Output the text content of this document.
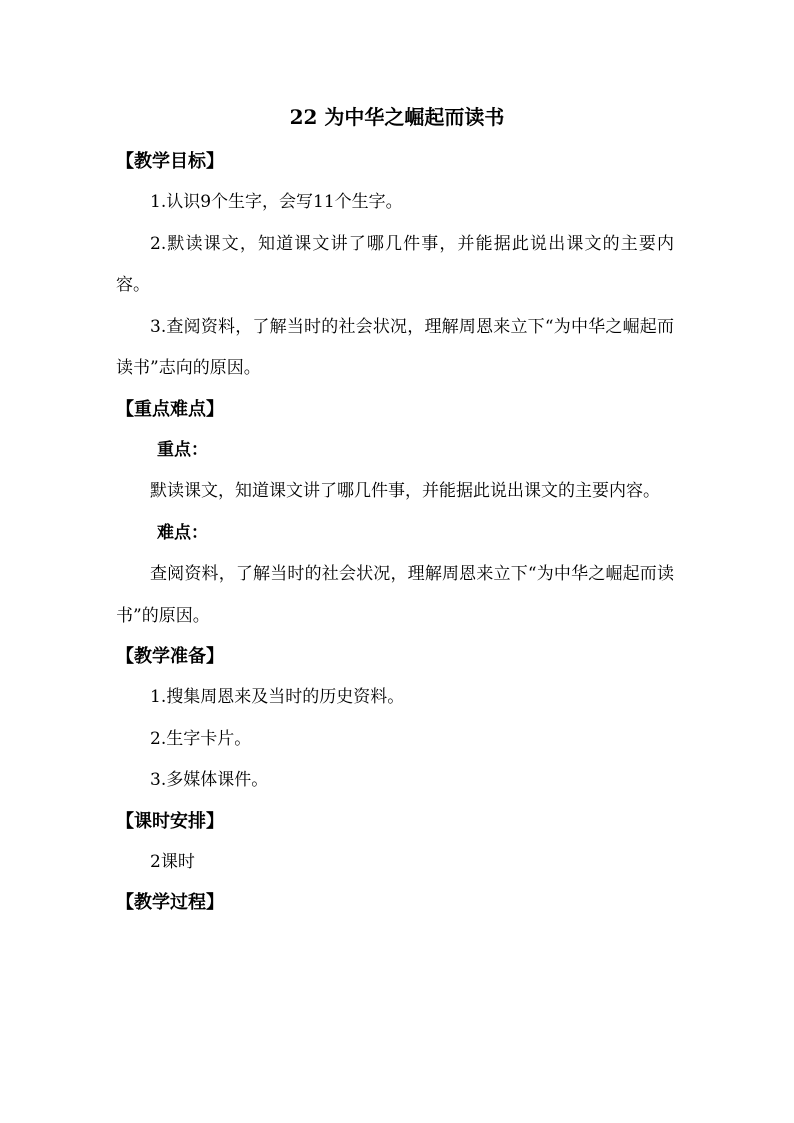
22 为中华之崛起而读书

【教学目标】

1.认识9个生字，会写11个生字。

2.默读课文，知道课文讲了哪几件事，并能据此说出课文的主要内容。

3.查阅资料，了解当时的社会状况，理解周恩来立下“为中华之崛起而读书”志向的原因。

【重点难点】

重点：

默读课文，知道课文讲了哪几件事，并能据此说出课文的主要内容。

难点：

查阅资料，了解当时的社会状况，理解周恩来立下“为中华之崛起而读书”的原因。

【教学准备】

1.搜集周恩来及当时的历史资料。

2.生字卡片。

3.多媒体课件。

【课时安排】

2课时

【教学过程】
